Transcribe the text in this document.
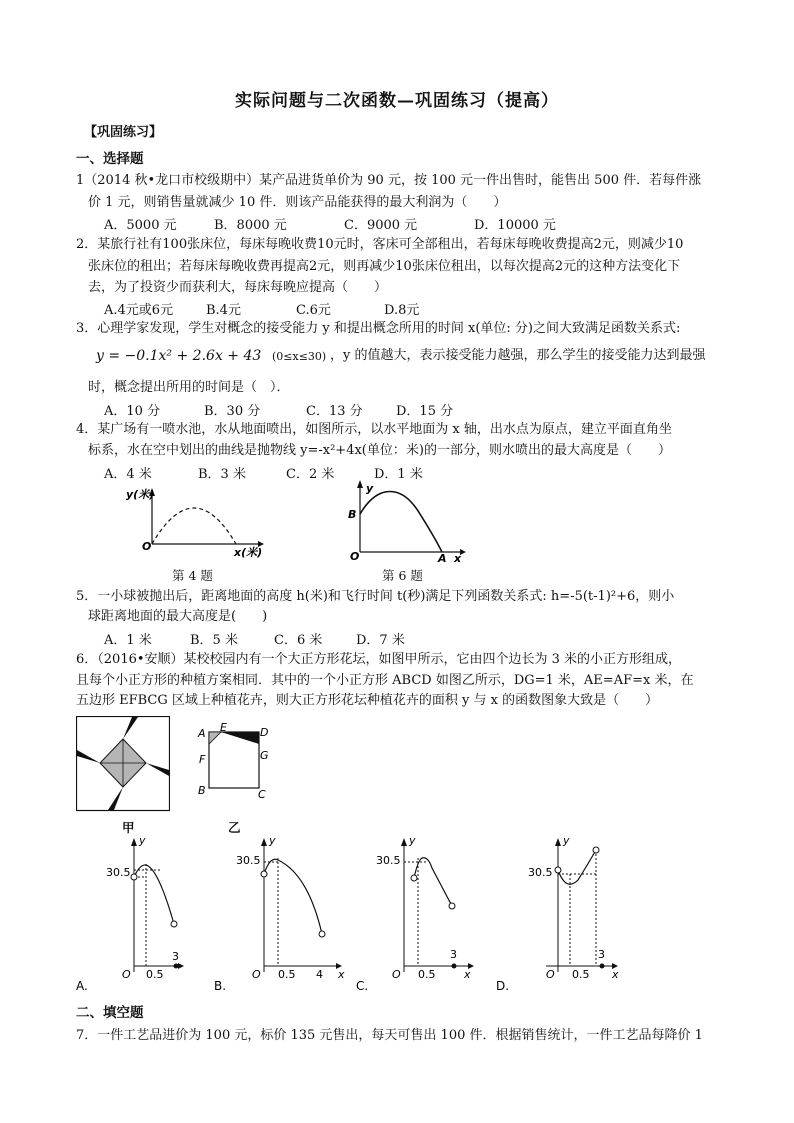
实际问题与二次函数—巩固练习（提高）
【巩固练习】
一、选择题
1（2014 秋•龙口市校级期中）某产品进货单价为 90 元，按 100 元一件出售时，能售出 500 件．若每件涨
价 1 元，则销售量就减少 10 件．则该产品能获得的最大利润为（　　）
A．5000 元	B．8000 元	C．9000 元	D．10000 元
2．某旅行社有100张床位，每床每晚收费10元时，客床可全部租出，若每床每晚收费提高2元，则减少10
张床位的租出；若每床每晚收费再提高2元，则再减少10张床位租出，以每次提高2元的这种方法变化下
去，为了投资少而获利大，每床每晚应提高（　　）
A.4元或6元	B.4元	C.6元	D.8元
3．心理学家发现，学生对概念的接受能力 y 和提出概念所用的时间 x(单位: 分)之间大致满足函数关系式:
y = −0.1x² + 2.6x + 43 (0≤x≤30) ，y 的值越大，表示接受能力越强，那么学生的接受能力达到最强
时，概念提出所用的时间是（　）．
A．10 分	B．30 分	C．13 分	D．15 分
4．某广场有一喷水池，水从地面喷出，如图所示，以水平地面为 x 轴，出水点为原点，建立平面直角坐
标系，水在空中划出的曲线是抛物线 y=-x²+4x(单位：米)的一部分，则水喷出的最大高度是（　　）
A．4 米	B．3 米	C．2 米	D．1 米
y(米)
O	x(米)
第 4 题
y
B
O	A x
第 6 题
5．一小球被抛出后，距离地面的高度 h(米)和飞行时间 t(秒)满足下列函数关系式: h=-5(t-1)²+6，则小
球距离地面的最大高度是(　　)
A．1 米	B．5 米	C．6 米	D．7 米
6．（2016•安顺）某校校园内有一个大正方形花坛，如图甲所示，它由四个边长为 3 米的小正方形组成，
且每个小正方形的种植方案相同．其中的一个小正方形 ABCD 如图乙所示，DG=1 米，AE=AF=x 米，在
五边形 EFBCG 区域上种植花卉，则大正方形花坛种植花卉的面积 y 与 x 的函数图象大致是（　　）
甲
A E	D
F	G
B	C
乙
y
30.5
O 0.5
3
A.
y
30.5
O 0.5 4 x
B.
y
30.5
O 0.5
3
x
C.
y
30.5
O 0.5
3
x
D.
二、填空题
7．一件工艺品进价为 100 元，标价 135 元售出，每天可售出 100 件．根据销售统计，一件工艺品每降价 1
